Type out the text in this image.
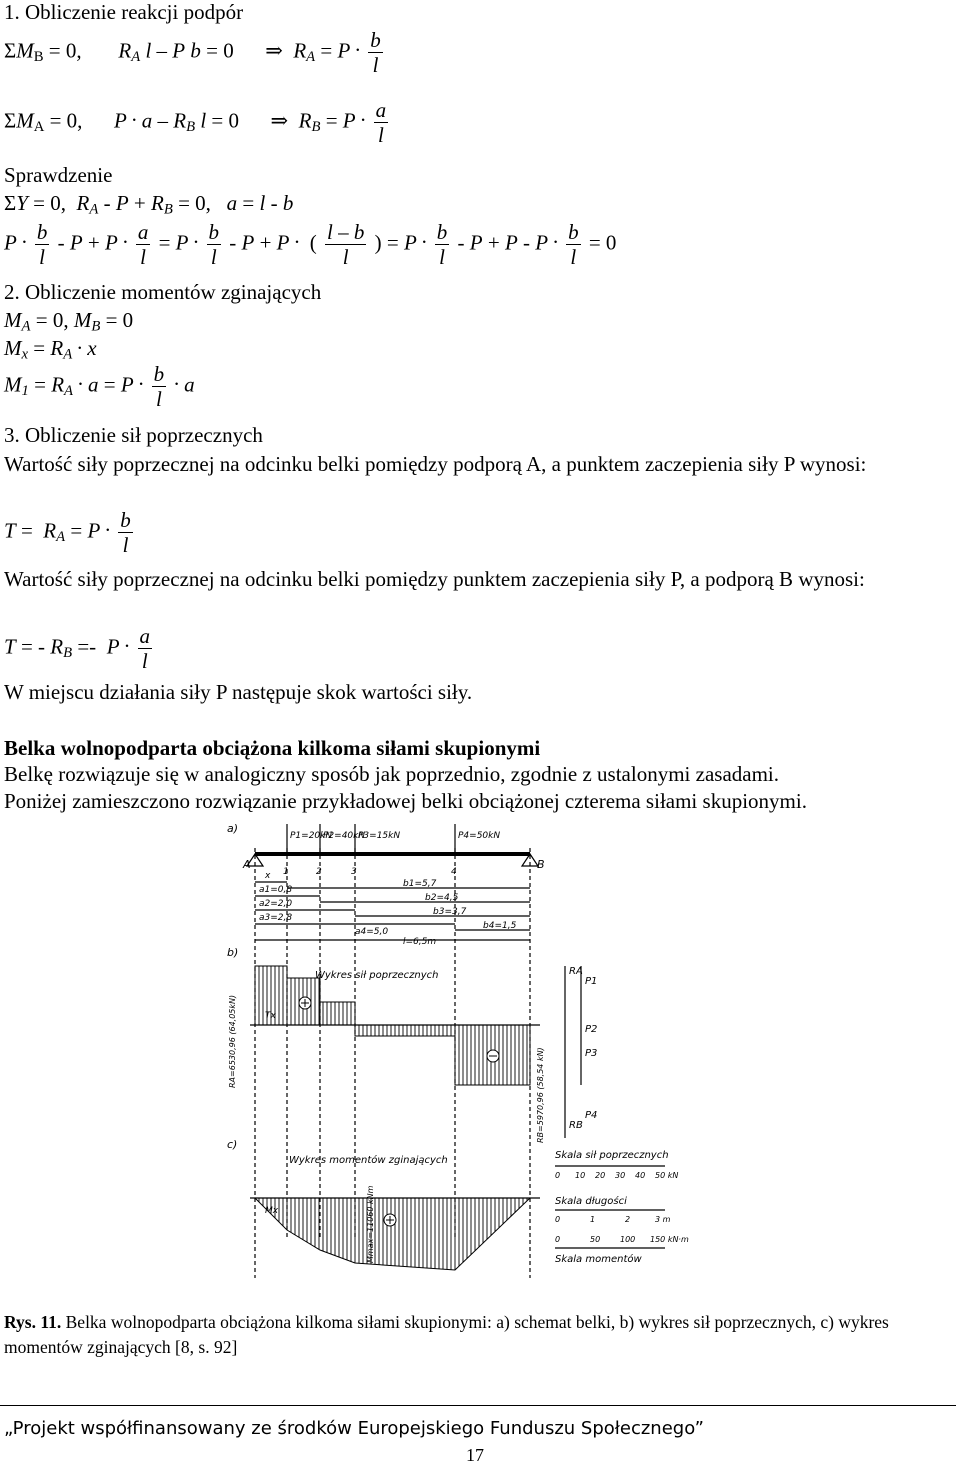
1. Obliczenie reakcji podpór
$\Sigma M_B = 0$,       $R_A$ l – P b = 0      ⇒  $R_A = P \cdot \frac{b}{l}$
$\Sigma M_A = 0$,      $P \cdot a - R_B$ l = 0      ⇒  $R_B = P \cdot \frac{a}{l}$
Sprawdzenie
ΣY = 0,  $R_A - P + R_B = 0$,   a = l - b
$P \cdot \frac{b}{l} - P + P \cdot \frac{a}{l} = P \cdot \frac{b}{l} - P + P$ · ( $\frac{l - b}{l}$ ) = $P \cdot \frac{b}{l} - P + P - P \cdot \frac{b}{l} = 0$
2. Obliczenie momentów zginających
$M_A = 0$, $M_B = 0$
$M_x = R_A \cdot x$
$M_1 = R_A \cdot a = P \cdot \frac{b}{l} \cdot a$
3. Obliczenie sił poprzecznych
Wartość siły poprzecznej na odcinku belki pomiędzy podporą A, a punktem zaczepienia siły P wynosi:
$T = R_A = P \cdot \frac{b}{l}$
Wartość siły poprzecznej na odcinku belki pomiędzy punktem zaczepienia siły P, a podporą B wynosi:
T = - $R_B =- P \cdot \frac{a}{l}$
W miejscu działania siły P następuje skok wartości siły.
Belka wolnopodparta obciążona kilkoma siłami skupionymi
Belkę rozwiązuje się w analogiczny sposób jak poprzednio, zgodnie z ustalonymi zasadami.
Poniżej zamieszczono rozwiązanie przykładowej belki obciążonej czterema siłami skupionymi.
a)
b)
c)
A	B
P1=20kN
P2=40kN
P3=15kN	P4=50kN
1	2	3	4
x
a1=0,8
a2=2,0
a3=2,8
a4=5,0
b1=5,7
b2=4,5
b3=3,7
b4=1,5
l=6,5m
Wykres sił poprzecznych
Wykres momentów zginających
RA=6530,96 (64,05kN)
RB=5970,96 (58,54 kN)
Mmax=11060 kNm
Tx
Mx
RA
P1
P2
P3
P4
RB
Skala sił poprzecznych
0 10 20 30 40 50 kN
Skala długości
0	1	2	3 m
0	50 100 150 kN·m
Skala momentów
Rys. 11. Belka wolnopodparta obciążona kilkoma siłami skupionymi: a) schemat belki, b) wykres sił poprzecznych, c) wykres momentów zginających [8, s. 92]
„Projekt współfinansowany ze środków Europejskiego Funduszu Społecznego”
17
